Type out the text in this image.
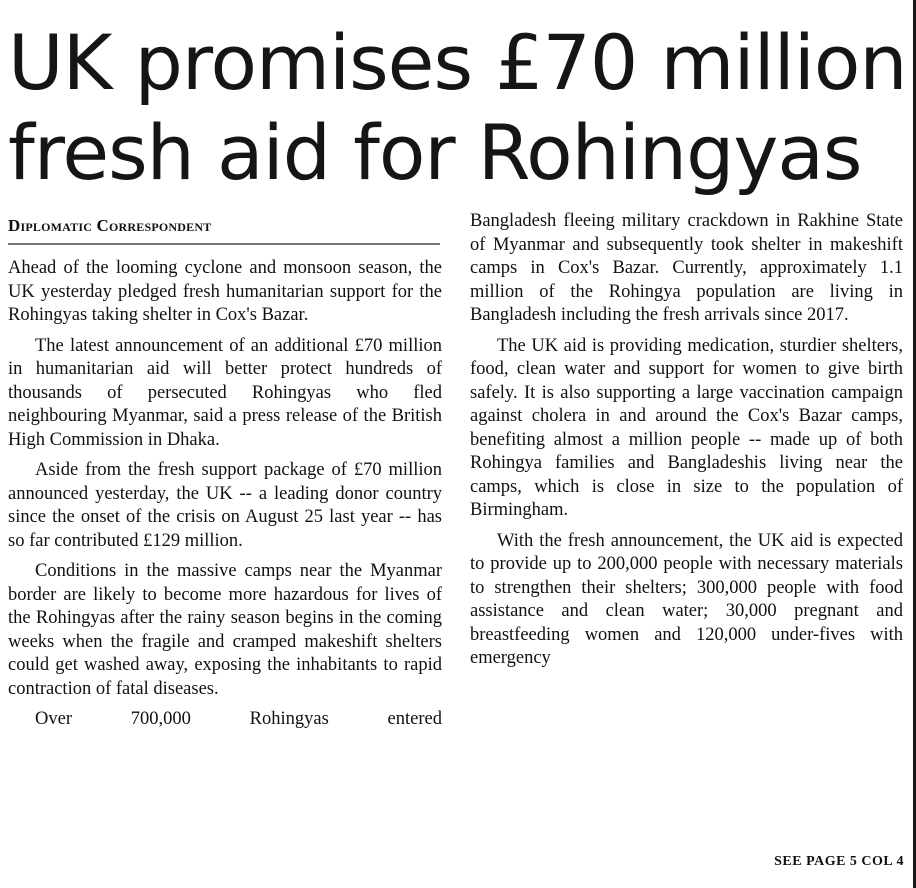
UK promises £70 million
fresh aid for Rohingyas
Diplomatic Correspondent

Ahead of the looming cyclone and monsoon season, the UK yesterday pledged fresh humanitarian support for the Rohingyas taking shelter in Cox's Bazar.

The latest announcement of an additional £70 million in humanitarian aid will better protect hundreds of thousands of persecuted Rohingyas who fled neighbouring Myanmar, said a press release of the British High Commission in Dhaka.

Aside from the fresh support package of £70 million announced yesterday, the UK -- a leading donor country since the onset of the crisis on August 25 last year -- has so far contributed £129 million.

Conditions in the massive camps near the Myanmar border are likely to become more hazardous for lives of the Rohingyas after the rainy season begins in the coming weeks when the fragile and cramped makeshift shelters could get washed away, exposing the inhabitants to rapid contraction of fatal diseases.

Over 700,000 Rohingyas entered

Bangladesh fleeing military crackdown in Rakhine State of Myanmar and subsequently took shelter in makeshift camps in Cox's Bazar. Currently, approximately 1.1 million of the Rohingya population are living in Bangladesh including the fresh arrivals since 2017.

The UK aid is providing medication, sturdier shelters, food, clean water and support for women to give birth safely. It is also supporting a large vaccination campaign against cholera in and around the Cox's Bazar camps, benefiting almost a million people -- made up of both Rohingya families and Bangladeshis living near the camps, which is close in size to the population of Birmingham.

With the fresh announcement, the UK aid is expected to provide up to 200,000 people with necessary materials to strengthen their shelters; 300,000 people with food assistance and clean water; 30,000 pregnant and breastfeeding women and 120,000 under-fives with emergency

SEE PAGE 5 COL 4
